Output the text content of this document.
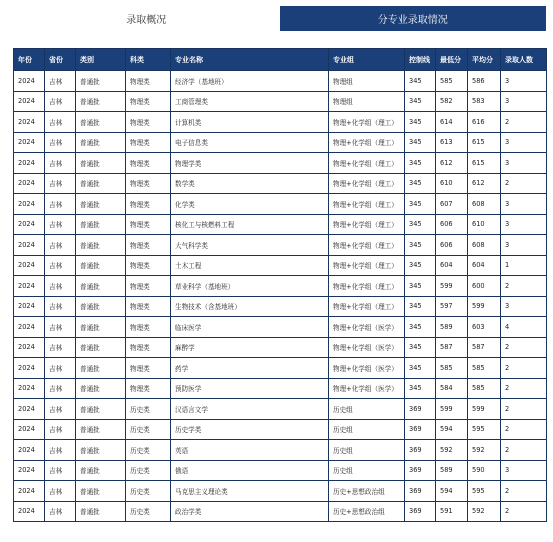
录取概况	分专业录取情况
年份	省份	类别	科类	专业名称	专业组	控制线	最低分	平均分	录取人数
2024	吉林	普通批	物理类	经济学（基地班）	物理组	345	585	586	3
2024	吉林	普通批	物理类	工商管理类	物理组	345	582	583	3
2024	吉林	普通批	物理类	计算机类	物理+化学组（理工）	345	614	616	2
2024	吉林	普通批	物理类	电子信息类	物理+化学组（理工）	345	613	615	3
2024	吉林	普通批	物理类	物理学类	物理+化学组（理工）	345	612	615	3
2024	吉林	普通批	物理类	数学类	物理+化学组（理工）	345	610	612	2
2024	吉林	普通批	物理类	化学类	物理+化学组（理工）	345	607	608	3
2024	吉林	普通批	物理类	核化工与核燃料工程	物理+化学组（理工）	345	606	610	3
2024	吉林	普通批	物理类	大气科学类	物理+化学组（理工）	345	606	608	3
2024	吉林	普通批	物理类	土木工程	物理+化学组（理工）	345	604	604	1
2024	吉林	普通批	物理类	草业科学（基地班）	物理+化学组（理工）	345	599	600	2
2024	吉林	普通批	物理类	生物技术（含基地班）	物理+化学组（理工）	345	597	599	3
2024	吉林	普通批	物理类	临床医学	物理+化学组（医学）	345	589	603	4
2024	吉林	普通批	物理类	麻醉学	物理+化学组（医学）	345	587	587	2
2024	吉林	普通批	物理类	药学	物理+化学组（医学）	345	585	585	2
2024	吉林	普通批	物理类	预防医学	物理+化学组（医学）	345	584	585	2
2024	吉林	普通批	历史类	汉语言文学	历史组	369	599	599	2
2024	吉林	普通批	历史类	历史学类	历史组	369	594	595	2
2024	吉林	普通批	历史类	英语	历史组	369	592	592	2
2024	吉林	普通批	历史类	俄语	历史组	369	589	590	3
2024	吉林	普通批	历史类	马克思主义理论类	历史+思想政治组	369	594	595	2
2024	吉林	普通批	历史类	政治学类	历史+思想政治组	369	591	592	2
